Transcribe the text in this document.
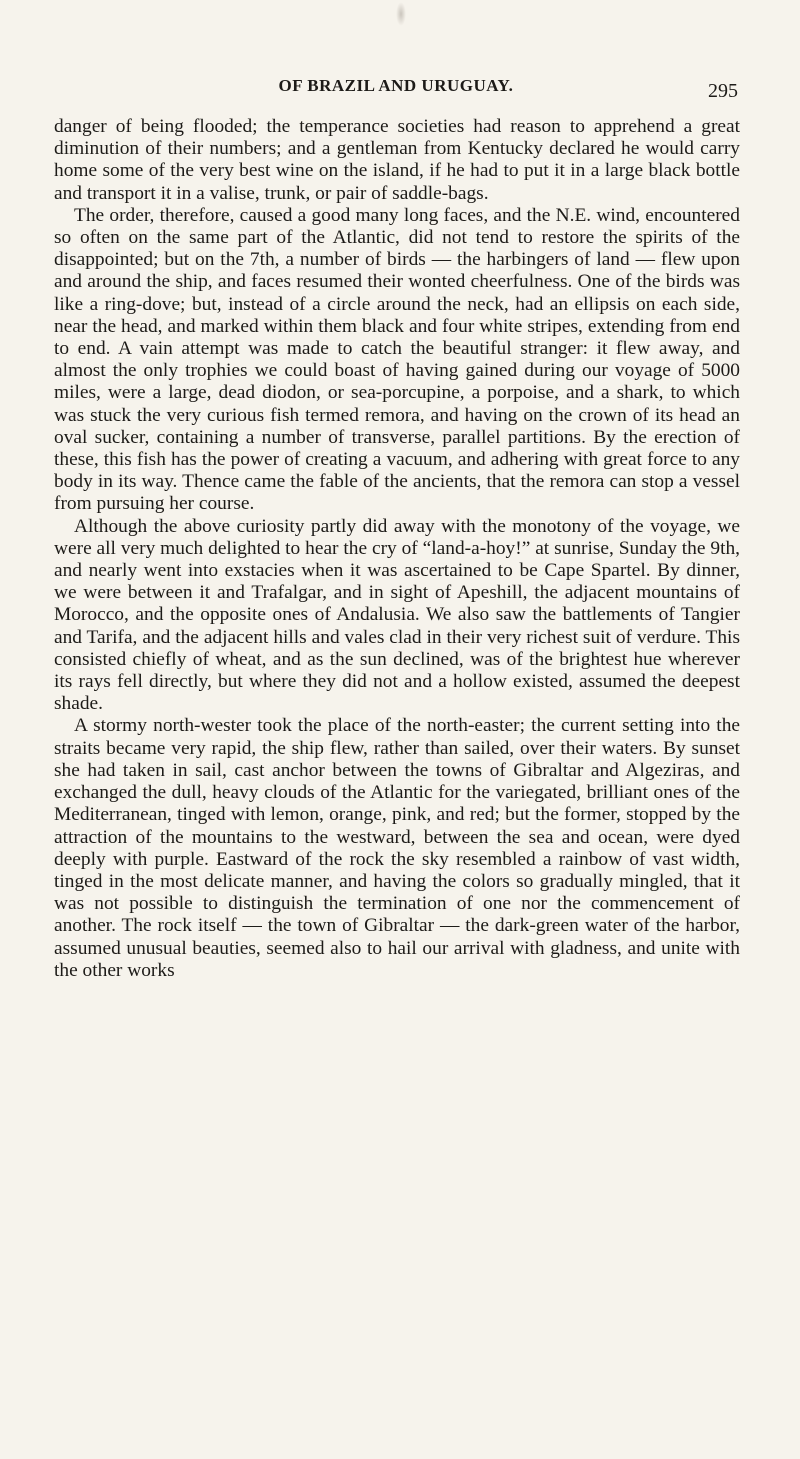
OF BRAZIL AND URUGUAY.	295

danger of being flooded; the temperance societies had reason to apprehend a great diminution of their numbers; and a gentleman from Kentucky declared he would carry home some of the very best wine on the island, if he had to put it in a large black bottle and transport it in a valise, trunk, or pair of saddle-bags.

The order, therefore, caused a good many long faces, and the N.E. wind, encountered so often on the same part of the Atlantic, did not tend to restore the spirits of the disappointed; but on the 7th, a number of birds — the harbingers of land — flew upon and around the ship, and faces resumed their wonted cheerfulness. One of the birds was like a ring-dove; but, instead of a circle around the neck, had an ellipsis on each side, near the head, and marked within them black and four white stripes, extending from end to end. A vain attempt was made to catch the beautiful stranger: it flew away, and almost the only trophies we could boast of having gained during our voyage of 5000 miles, were a large, dead diodon, or sea-porcupine, a porpoise, and a shark, to which was stuck the very curious fish termed remora, and having on the crown of its head an oval sucker, containing a number of transverse, parallel partitions. By the erection of these, this fish has the power of creating a vacuum, and adhering with great force to any body in its way. Thence came the fable of the ancients, that the remora can stop a vessel from pursuing her course.

Although the above curiosity partly did away with the monotony of the voyage, we were all very much delighted to hear the cry of “land-a-hoy!” at sunrise, Sunday the 9th, and nearly went into exstacies when it was ascertained to be Cape Spartel. By dinner, we were between it and Trafalgar, and in sight of Apeshill, the adjacent mountains of Morocco, and the opposite ones of Andalusia. We also saw the battlements of Tangier and Tarifa, and the adjacent hills and vales clad in their very richest suit of verdure. This consisted chiefly of wheat, and as the sun declined, was of the brightest hue wherever its rays fell directly, but where they did not and a hollow existed, assumed the deepest shade.

A stormy north-wester took the place of the north-easter; the current setting into the straits became very rapid, the ship flew, rather than sailed, over their waters. By sunset she had taken in sail, cast anchor between the towns of Gibraltar and Algeziras, and exchanged the dull, heavy clouds of the Atlantic for the variegated, brilliant ones of the Mediterranean, tinged with lemon, orange, pink, and red; but the former, stopped by the attraction of the mountains to the westward, between the sea and ocean, were dyed deeply with purple. Eastward of the rock the sky resembled a rainbow of vast width, tinged in the most delicate manner, and having the colors so gradually mingled, that it was not possible to distinguish the termination of one nor the commencement of another. The rock itself — the town of Gibraltar — the dark-green water of the harbor, assumed unusual beauties, seemed also to hail our arrival with gladness, and unite with the other works
